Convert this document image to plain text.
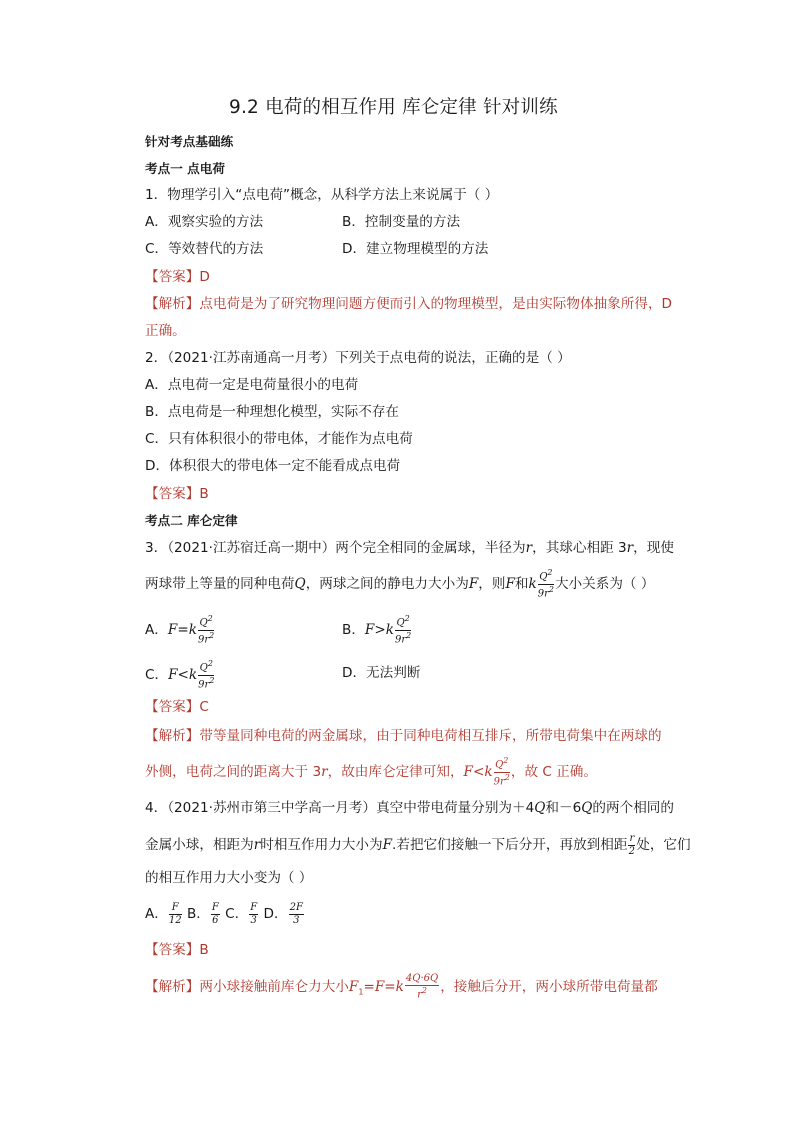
9.2 电荷的相互作用 库仑定律 针对训练
针对考点基础练
考点一 点电荷
1．物理学引入“点电荷”概念，从科学方法上来说属于（ ）
A．观察实验的方法	B．控制变量的方法
C．等效替代的方法	D．建立物理模型的方法
【答案】D
【解析】点电荷是为了研究物理问题方便而引入的物理模型，是由实际物体抽象所得，D
正确。
2．（2021·江苏南通高一月考）下列关于点电荷的说法，正确的是（ ）
A．点电荷一定是电荷量很小的电荷
B．点电荷是一种理想化模型，实际不存在
C．只有体积很小的带电体，才能作为点电荷
D．体积很大的带电体一定不能看成点电荷
【答案】B
考点二 库仑定律
3．（2021·江苏宿迁高一期中）两个完全相同的金属球，半径为r，其球心相距 3r，现使
两球带上等量的同种电荷Q，两球之间的静电力大小为F，则F和k $\frac{Q^2}{9r^2}$ 大小关系为（ ）
A．$F=k \frac{Q^2}{9r^2}$	B．$F>k \frac{Q^2}{9r^2}$
C．$F<k \frac{Q^2}{9r^2}$	D．无法判断
【答案】C
【解析】带等量同种电荷的两金属球，由于同种电荷相互排斥，所带电荷集中在两球的
外侧，电荷之间的距离大于 3r，故由库仑定律可知，$F<k \frac{Q^2}{9r^2}$ ，故 C 正确。
4．（2021·苏州市第三中学高一月考）真空中带电荷量分别为＋4Q和－6Q的两个相同的
金属小球，相距为r时相互作用力大小为F.若把它们接触一下后分开，再放到相距 $\frac{r}{2}$ 处，它们
的相互作用力大小变为（ ）
A． $\frac{F}{12}$ B． $\frac{F}{6}$ C． $\frac{F}{3}$ D． $\frac{2F}{3}$
【答案】B
【解析】两小球接触前库仑力大小$F_1=F=k \frac{4Q\cdot 6Q}{r^2}$ ，接触后分开，两小球所带电荷量都
